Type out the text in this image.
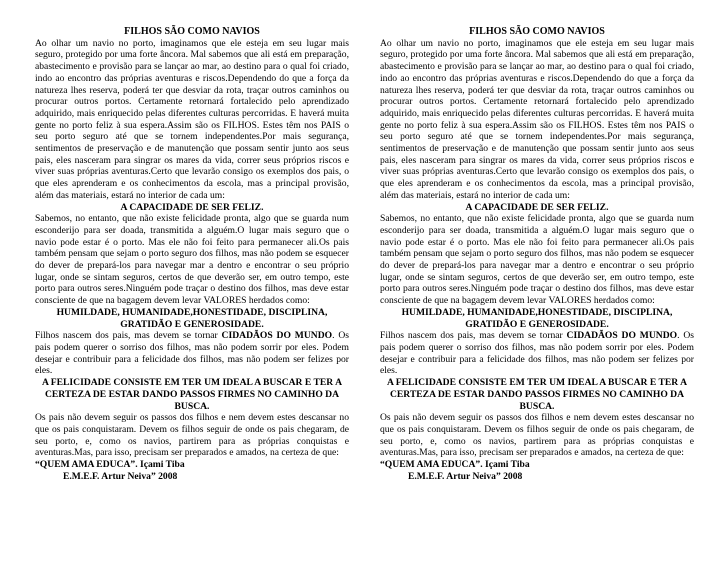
FILHOS SÃO COMO NAVIOS

Ao olhar um navio no porto, imaginamos que ele esteja em seu lugar mais seguro, protegido por uma forte âncora. Mal sabemos que ali está em preparação, abastecimento e provisão para se lançar ao mar, ao destino para o qual foi criado, indo ao encontro das próprias aventuras e riscos.Dependendo do que a força da natureza lhes reserva, poderá ter que desviar da rota, traçar outros caminhos ou procurar outros portos. Certamente retornará fortalecido pelo aprendizado adquirido, mais enriquecido pelas diferentes culturas percorridas. E haverá muita gente no porto feliz à sua espera.Assim são os FILHOS. Estes têm nos PAIS o seu porto seguro até que se tornem independentes.Por mais segurança, sentimentos de preservação e de manutenção que possam sentir junto aos seus pais, eles nasceram para singrar os mares da vida, correr seus próprios riscos e viver suas próprias aventuras.Certo que levarão consigo os exemplos dos pais, o que eles aprenderam e os conhecimentos da escola, mas a principal provisão, além das materiais, estará no interior de cada um:

A CAPACIDADE DE SER FELIZ.

Sabemos, no entanto, que não existe felicidade pronta, algo que se guarda num esconderijo para ser doada, transmitida a alguém.O lugar mais seguro que o navio pode estar é o porto. Mas ele não foi feito para permanecer ali.Os pais também pensam que sejam o porto seguro dos filhos, mas não podem se esquecer do dever de prepará-los para navegar mar a dentro e encontrar o seu próprio lugar, onde se sintam seguros, certos de que deverão ser, em outro tempo, este porto para outros seres.Ninguém pode traçar o destino dos filhos, mas deve estar consciente de que na bagagem devem levar VALORES herdados como:

HUMILDADE, HUMANIDADE,HONESTIDADE, DISCIPLINA, GRATIDÃO E GENEROSIDADE.

Filhos nascem dos pais, mas devem se tornar CIDADÃOS DO MUNDO. Os pais podem querer o sorriso dos filhos, mas não podem sorrir por eles. Podem desejar e contribuir para a felicidade dos filhos, mas não podem ser felizes por eles.

A FELICIDADE CONSISTE EM TER UM IDEAL A BUSCAR E TER A CERTEZA DE ESTAR DANDO PASSOS FIRMES NO CAMINHO DA BUSCA.

Os pais não devem seguir os passos dos filhos e nem devem estes descansar no que os pais conquistaram. Devem os filhos seguir de onde os pais chegaram, de seu porto, e, como os navios, partirem para as próprias conquistas e aventuras.Mas, para isso, precisam ser preparados e amados, na certeza de que:

“QUEM AMA EDUCA”. Içami Tiba

E.M.E.F. Artur Neiva” 2008

FILHOS SÃO COMO NAVIOS

Ao olhar um navio no porto, imaginamos que ele esteja em seu lugar mais seguro, protegido por uma forte âncora. Mal sabemos que ali está em preparação, abastecimento e provisão para se lançar ao mar, ao destino para o qual foi criado, indo ao encontro das próprias aventuras e riscos.Dependendo do que a força da natureza lhes reserva, poderá ter que desviar da rota, traçar outros caminhos ou procurar outros portos. Certamente retornará fortalecido pelo aprendizado adquirido, mais enriquecido pelas diferentes culturas percorridas. E haverá muita gente no porto feliz à sua espera.Assim são os FILHOS. Estes têm nos PAIS o seu porto seguro até que se tornem independentes.Por mais segurança, sentimentos de preservação e de manutenção que possam sentir junto aos seus pais, eles nasceram para singrar os mares da vida, correr seus próprios riscos e viver suas próprias aventuras.Certo que levarão consigo os exemplos dos pais, o que eles aprenderam e os conhecimentos da escola, mas a principal provisão, além das materiais, estará no interior de cada um:

A CAPACIDADE DE SER FELIZ.

Sabemos, no entanto, que não existe felicidade pronta, algo que se guarda num esconderijo para ser doada, transmitida a alguém.O lugar mais seguro que o navio pode estar é o porto. Mas ele não foi feito para permanecer ali.Os pais também pensam que sejam o porto seguro dos filhos, mas não podem se esquecer do dever de prepará-los para navegar mar a dentro e encontrar o seu próprio lugar, onde se sintam seguros, certos de que deverão ser, em outro tempo, este porto para outros seres.Ninguém pode traçar o destino dos filhos, mas deve estar consciente de que na bagagem devem levar VALORES herdados como:

HUMILDADE, HUMANIDADE,HONESTIDADE, DISCIPLINA, GRATIDÃO E GENEROSIDADE.

Filhos nascem dos pais, mas devem se tornar CIDADÃOS DO MUNDO. Os pais podem querer o sorriso dos filhos, mas não podem sorrir por eles. Podem desejar e contribuir para a felicidade dos filhos, mas não podem ser felizes por eles.

A FELICIDADE CONSISTE EM TER UM IDEAL A BUSCAR E TER A CERTEZA DE ESTAR DANDO PASSOS FIRMES NO CAMINHO DA BUSCA.

Os pais não devem seguir os passos dos filhos e nem devem estes descansar no que os pais conquistaram. Devem os filhos seguir de onde os pais chegaram, de seu porto, e, como os navios, partirem para as próprias conquistas e aventuras.Mas, para isso, precisam ser preparados e amados, na certeza de que:

“QUEM AMA EDUCA”. Içami Tiba

E.M.E.F. Artur Neiva” 2008
